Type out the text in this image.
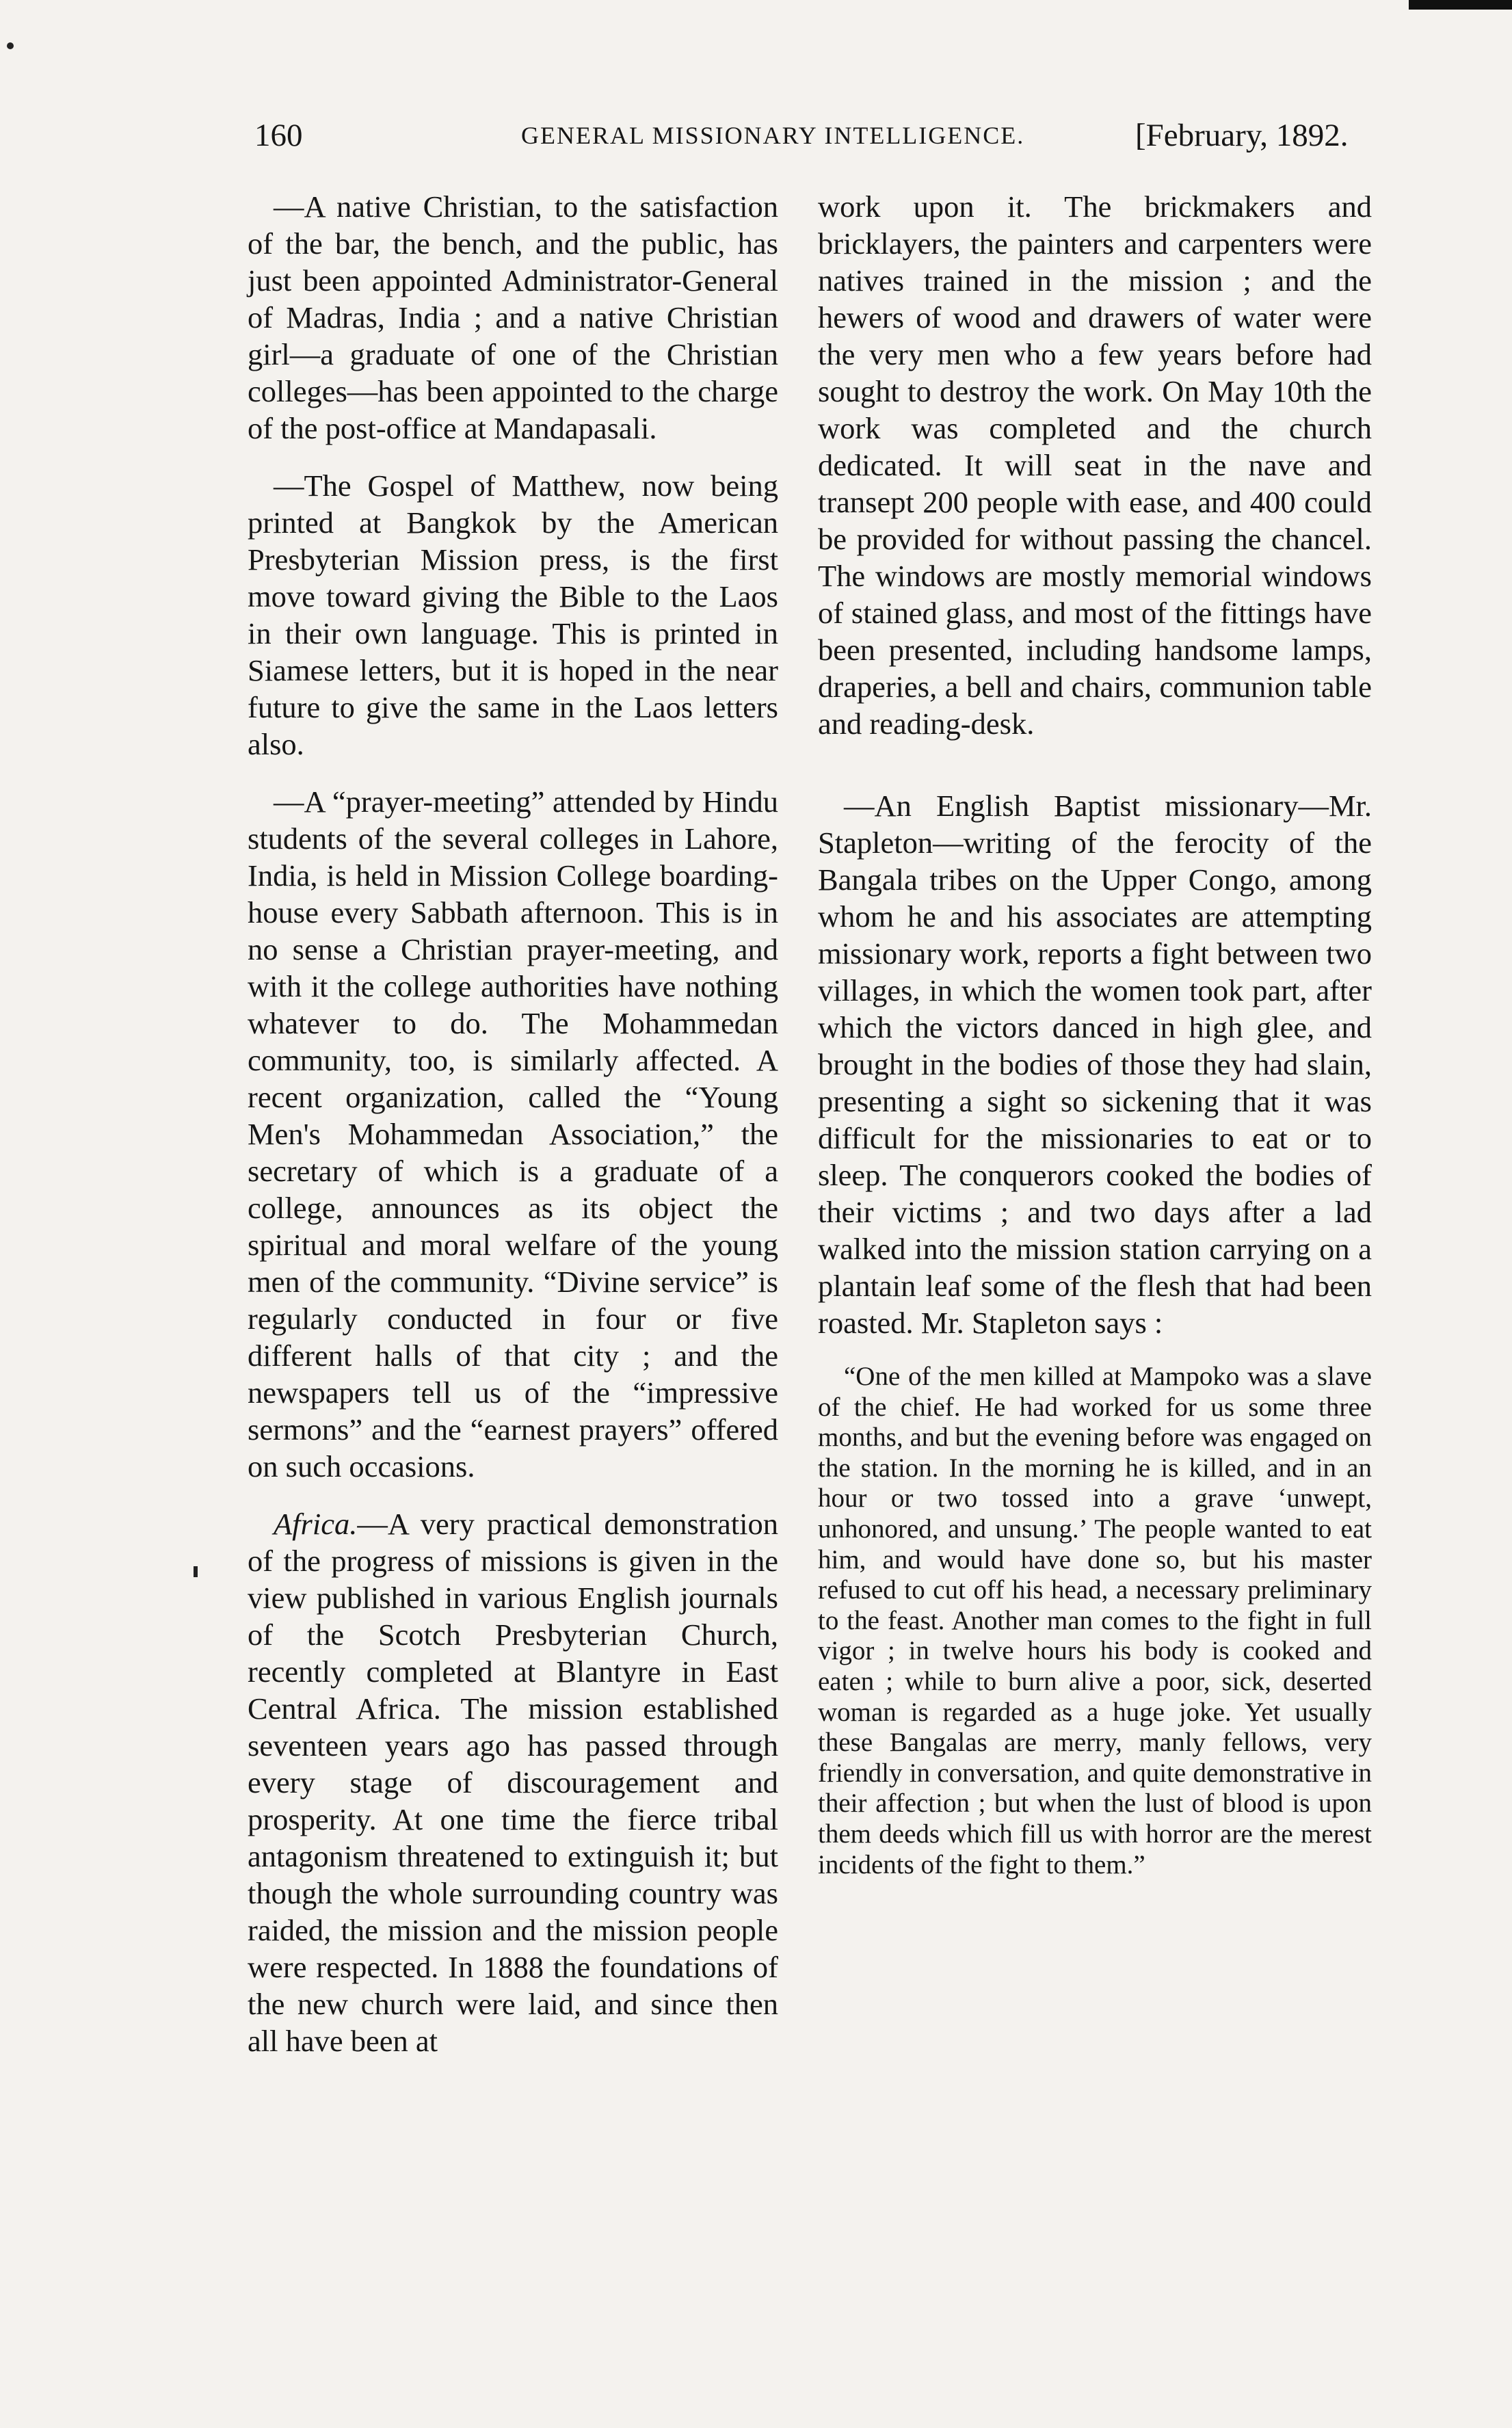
160	GENERAL MISSIONARY INTELLIGENCE.	[February, 1892.

—A native Christian, to the satisfaction of the bar, the bench, and the public, has just been appointed Administrator-General of Madras, India ; and a native Christian girl—a graduate of one of the Christian colleges—has been appointed to the charge of the post-office at Mandapasali.

—The Gospel of Matthew, now being printed at Bangkok by the American Presbyterian Mission press, is the first move toward giving the Bible to the Laos in their own language. This is printed in Siamese letters, but it is hoped in the near future to give the same in the Laos letters also.

—A “prayer-meeting” attended by Hindu students of the several colleges in Lahore, India, is held in Mission College boarding-house every Sabbath afternoon. This is in no sense a Christian prayer-meeting, and with it the college authorities have nothing whatever to do. The Mohammedan community, too, is similarly affected. A recent organization, called the “Young Men's Mohammedan Association,” the secretary of which is a graduate of a college, announces as its object the spiritual and moral welfare of the young men of the community. “Divine service” is regularly conducted in four or five different halls of that city ; and the newspapers tell us of the “impressive sermons” and the “earnest prayers” offered on such occasions.

Africa.—A very practical demonstration of the progress of missions is given in the view published in various English journals of the Scotch Presbyterian Church, recently completed at Blantyre in East Central Africa. The mission established seventeen years ago has passed through every stage of discouragement and prosperity. At one time the fierce tribal antagonism threatened to extinguish it; but though the whole surrounding country was raided, the mission and the mission people were respected. In 1888 the foundations of the new church were laid, and since then all have been at

work upon it. The brickmakers and bricklayers, the painters and carpenters were natives trained in the mission ; and the hewers of wood and drawers of water were the very men who a few years before had sought to destroy the work. On May 10th the work was completed and the church dedicated. It will seat in the nave and transept 200 people with ease, and 400 could be provided for without passing the chancel. The windows are mostly memorial windows of stained glass, and most of the fittings have been presented, including handsome lamps, draperies, a bell and chairs, communion table and reading-desk.

—An English Baptist missionary—Mr. Stapleton—writing of the ferocity of the Bangala tribes on the Upper Congo, among whom he and his associates are attempting missionary work, reports a fight between two villages, in which the women took part, after which the victors danced in high glee, and brought in the bodies of those they had slain, presenting a sight so sickening that it was difficult for the missionaries to eat or to sleep. The conquerors cooked the bodies of their victims ; and two days after a lad walked into the mission station carrying on a plantain leaf some of the flesh that had been roasted. Mr. Stapleton says :

“One of the men killed at Mampoko was a slave of the chief. He had worked for us some three months, and but the evening before was engaged on the station. In the morning he is killed, and in an hour or two tossed into a grave ‘unwept, unhonored, and unsung.’ The people wanted to eat him, and would have done so, but his master refused to cut off his head, a necessary preliminary to the feast. Another man comes to the fight in full vigor ; in twelve hours his body is cooked and eaten ; while to burn alive a poor, sick, deserted woman is regarded as a huge joke. Yet usually these Bangalas are merry, manly fellows, very friendly in conversation, and quite demonstrative in their affection ; but when the lust of blood is upon them deeds which fill us with horror are the merest incidents of the fight to them.”
